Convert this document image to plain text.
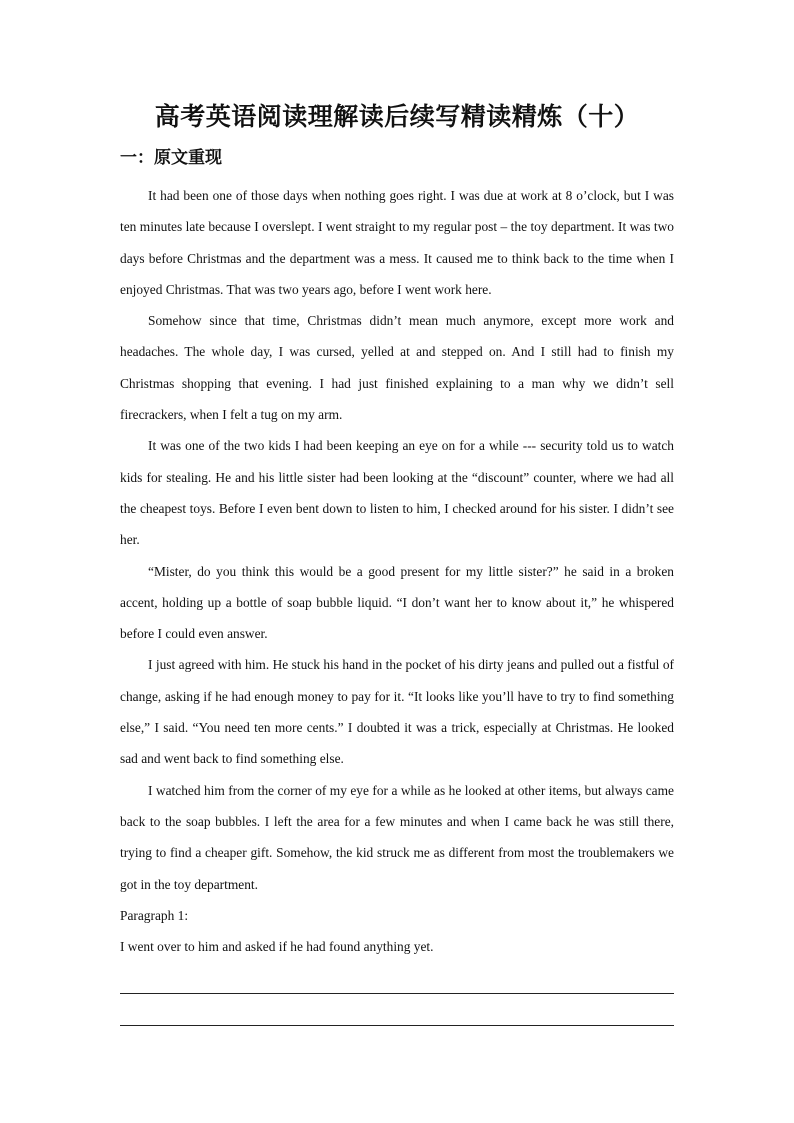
高考英语阅读理解读后续写精读精炼（十）
一：原文重现

It had been one of those days when nothing goes right. I was due at work at 8 o’clock, but I was ten minutes late because I overslept. I went straight to my regular post – the toy department. It was two days before Christmas and the department was a mess. It caused me to think back to the time when I enjoyed Christmas. That was two years ago, before I went work here.

Somehow since that time, Christmas didn’t mean much anymore, except more work and headaches. The whole day, I was cursed, yelled at and stepped on. And I still had to finish my Christmas shopping that evening. I had just finished explaining to a man why we didn’t sell firecrackers, when I felt a tug on my arm.

It was one of the two kids I had been keeping an eye on for a while --- security told us to watch kids for stealing. He and his little sister had been looking at the “discount” counter, where we had all the cheapest toys. Before I even bent down to listen to him, I checked around for his sister. I didn’t see her.

“Mister, do you think this would be a good present for my little sister?” he said in a broken accent, holding up a bottle of soap bubble liquid. “I don’t want her to know about it,” he whispered before I could even answer.

I just agreed with him. He stuck his hand in the pocket of his dirty jeans and pulled out a fistful of change, asking if he had enough money to pay for it. “It looks like you’ll have to try to find something else,” I said. “You need ten more cents.” I doubted it was a trick, especially at Christmas. He looked sad and went back to find something else.

I watched him from the corner of my eye for a while as he looked at other items, but always came back to the soap bubbles. I left the area for a few minutes and when I came back he was still there, trying to find a cheaper gift. Somehow, the kid struck me as different from most the troublemakers we got in the toy department.

Paragraph 1:

I went over to him and asked if he had found anything yet.
